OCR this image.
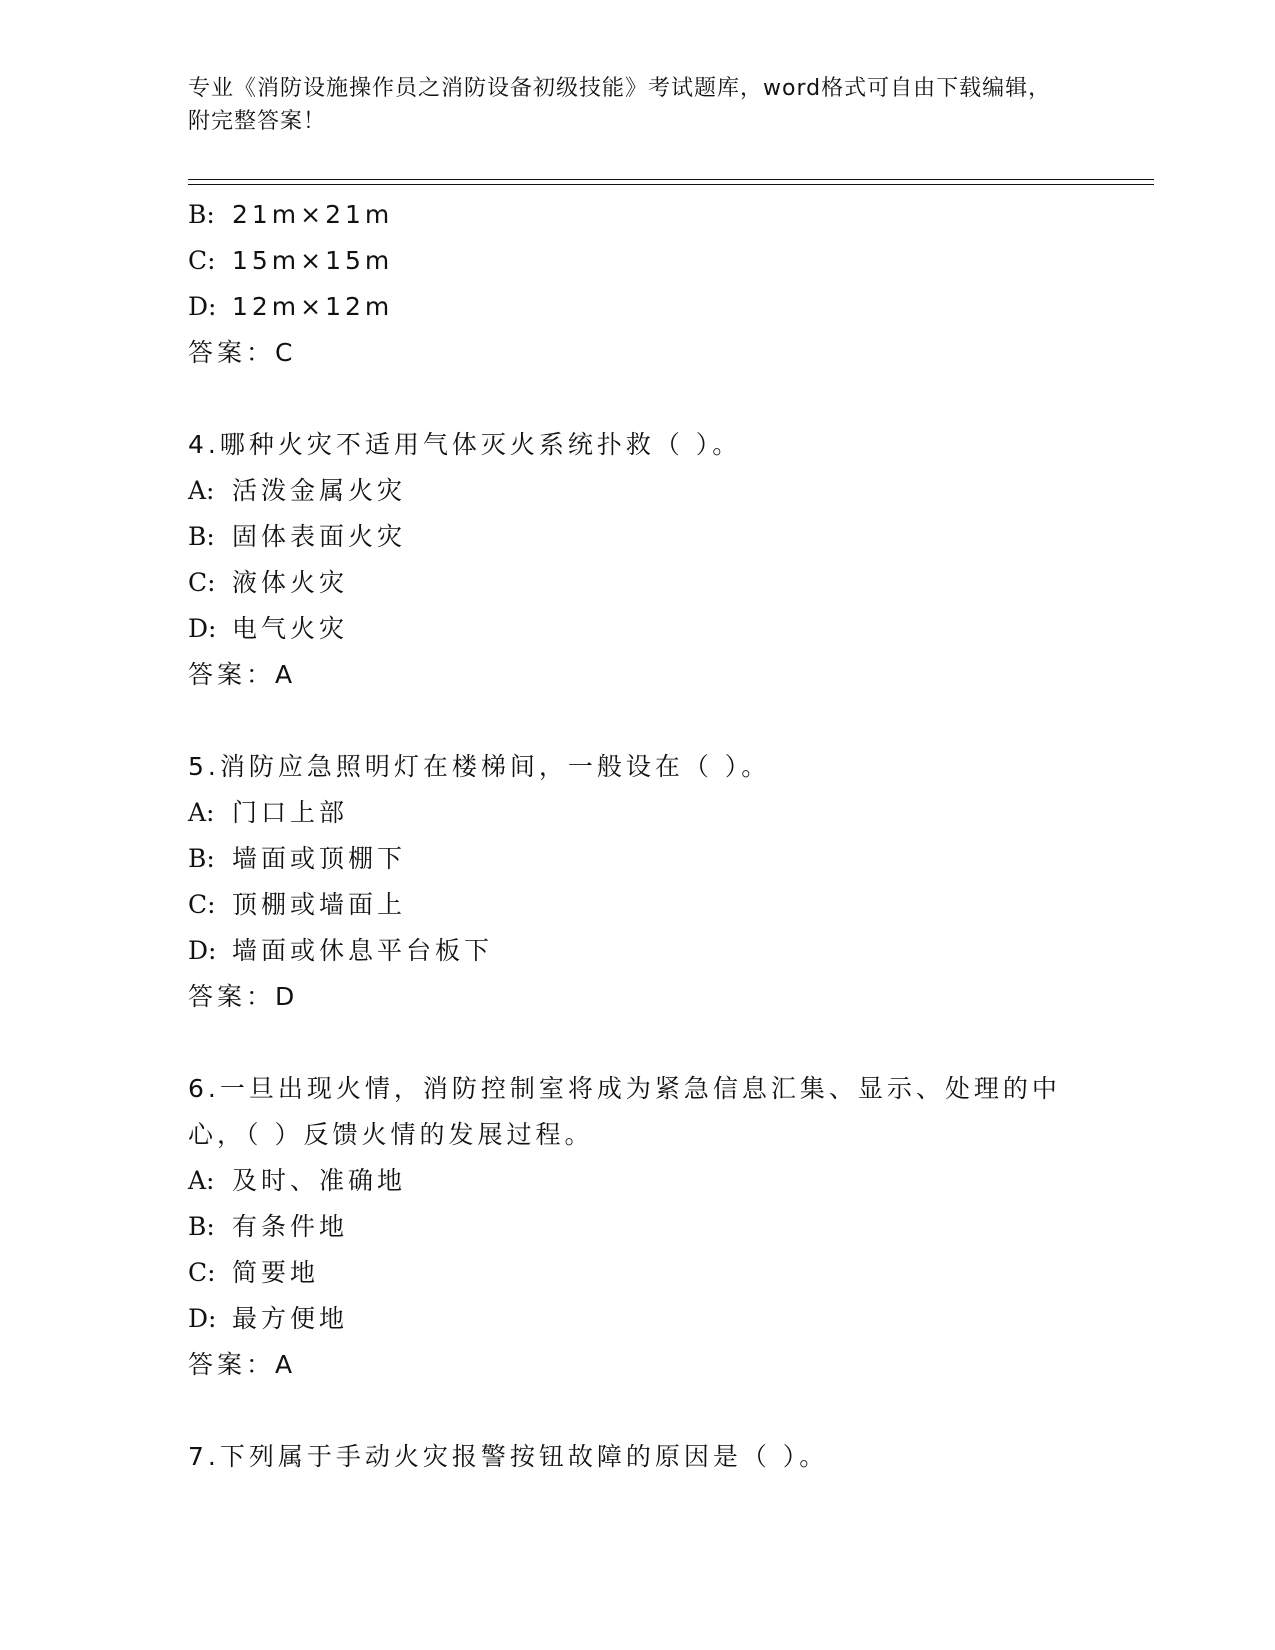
专业《消防设施操作员之消防设备初级技能》考试题库，word格式可自由下载编辑，附完整答案！
B: 21m×21m
C: 15m×15m
D: 12m×12m
答案：C
4.哪种火灾不适用气体灭火系统扑救（ ）。
A: 活泼金属火灾
B: 固体表面火灾
C: 液体火灾
D: 电气火灾
答案：A
5.消防应急照明灯在楼梯间，一般设在（ ）。
A: 门口上部
B: 墙面或顶棚下
C: 顶棚或墙面上
D: 墙面或休息平台板下
答案：D
6.一旦出现火情，消防控制室将成为紧急信息汇集、显示、处理的中心，（ ）反馈火情的发展过程。
A: 及时、准确地
B: 有条件地
C: 简要地
D: 最方便地
答案：A
7.下列属于手动火灾报警按钮故障的原因是（ ）。
